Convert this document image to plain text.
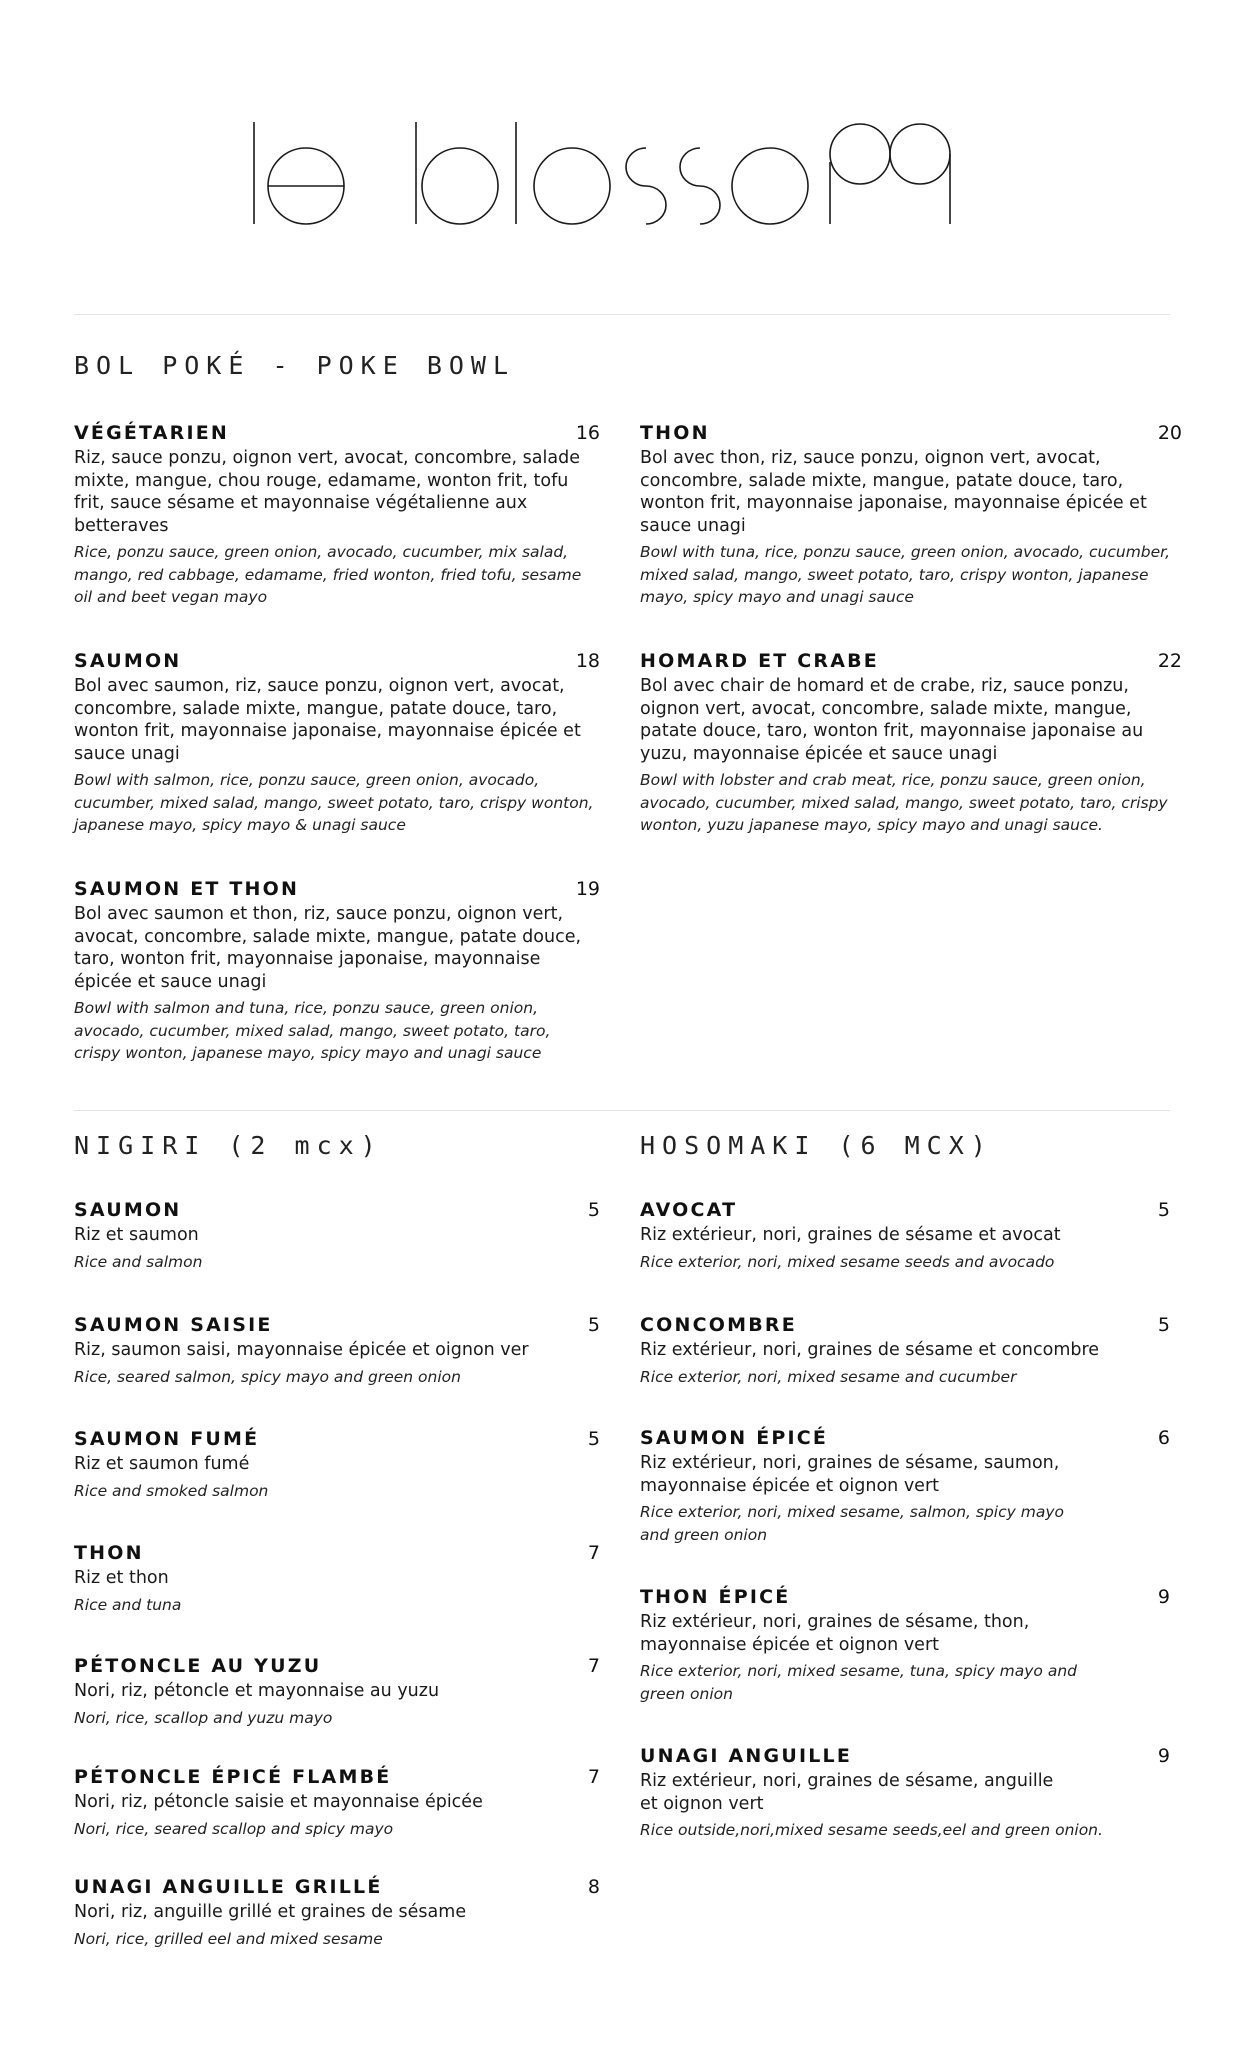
BOL POKÉ - POKE BOWL
VÉGÉTARIEN	16

Riz, sauce ponzu, oignon vert, avocat, concombre, salade mixte, mangue, chou rouge, edamame, wonton frit, tofu frit, sauce sésame et mayonnaise végétalienne aux betteraves

Rice, ponzu sauce, green onion, avocado, cucumber, mix salad, mango, red cabbage, edamame, fried wonton, fried tofu, sesame oil and beet vegan mayo

THON	20

Bol avec thon, riz, sauce ponzu, oignon vert, avocat, concombre, salade mixte, mangue, patate douce, taro, wonton frit, mayonnaise japonaise, mayonnaise épicée et sauce unagi

Bowl with tuna, rice, ponzu sauce, green onion, avocado, cucumber, mixed salad, mango, sweet potato, taro, crispy wonton, japanese mayo, spicy mayo and unagi sauce

SAUMON	18

Bol avec saumon, riz, sauce ponzu, oignon vert, avocat, concombre, salade mixte, mangue, patate douce, taro, wonton frit, mayonnaise japonaise, mayonnaise épicée et sauce unagi

Bowl with salmon, rice, ponzu sauce, green onion, avocado, cucumber, mixed salad, mango, sweet potato, taro, crispy wonton, japanese mayo, spicy mayo & unagi sauce

HOMARD ET CRABE	22

Bol avec chair de homard et de crabe, riz, sauce ponzu, oignon vert, avocat, concombre, salade mixte, mangue, patate douce, taro, wonton frit, mayonnaise japonaise au yuzu, mayonnaise épicée et sauce unagi

Bowl with lobster and crab meat, rice, ponzu sauce, green onion, avocado, cucumber, mixed salad, mango, sweet potato, taro, crispy wonton, yuzu japanese mayo, spicy mayo and unagi sauce.

SAUMON ET THON	19

Bol avec saumon et thon, riz, sauce ponzu, oignon vert, avocat, concombre, salade mixte, mangue, patate douce, taro, wonton frit, mayonnaise japonaise, mayonnaise épicée et sauce unagi

Bowl with salmon and tuna, rice, ponzu sauce, green onion, avocado, cucumber, mixed salad, mango, sweet potato, taro, crispy wonton, japanese mayo, spicy mayo and unagi sauce

NIGIRI (2 mcx)
SAUMON	5

Riz et saumon

Rice and salmon

SAUMON SAISIE	5

Riz, saumon saisi, mayonnaise épicée et oignon ver

Rice, seared salmon, spicy mayo and green onion

SAUMON FUMÉ	5

Riz et saumon fumé

Rice and smoked salmon

THON	7

Riz et thon

Rice and tuna

PÉTONCLE AU YUZU	7

Nori, riz, pétoncle et mayonnaise au yuzu

Nori, rice, scallop and yuzu mayo

PÉTONCLE ÉPICÉ FLAMBÉ	7

Nori, riz, pétoncle saisie et mayonnaise épicée

Nori, rice, seared scallop and spicy mayo

UNAGI ANGUILLE GRILLÉ	8

Nori, riz, anguille grillé et graines de sésame

Nori, rice, grilled eel and mixed sesame

HOSOMAKI (6 MCX)
AVOCAT	5

Riz extérieur, nori, graines de sésame et avocat

Rice exterior, nori, mixed sesame seeds and avocado

CONCOMBRE	5

Riz extérieur, nori, graines de sésame et concombre

Rice exterior, nori, mixed sesame and cucumber

SAUMON ÉPICÉ	6

Riz extérieur, nori, graines de sésame, saumon, mayonnaise épicée et oignon vert

Rice exterior, nori, mixed sesame, salmon, spicy mayo and green onion

THON ÉPICÉ	9

Riz extérieur, nori, graines de sésame, thon, mayonnaise épicée et oignon vert

Rice exterior, nori, mixed sesame, tuna, spicy mayo and green onion

UNAGI ANGUILLE	9

Riz extérieur, nori, graines de sésame, anguille et oignon vert

Rice outside,nori,mixed sesame seeds,eel and green onion.
